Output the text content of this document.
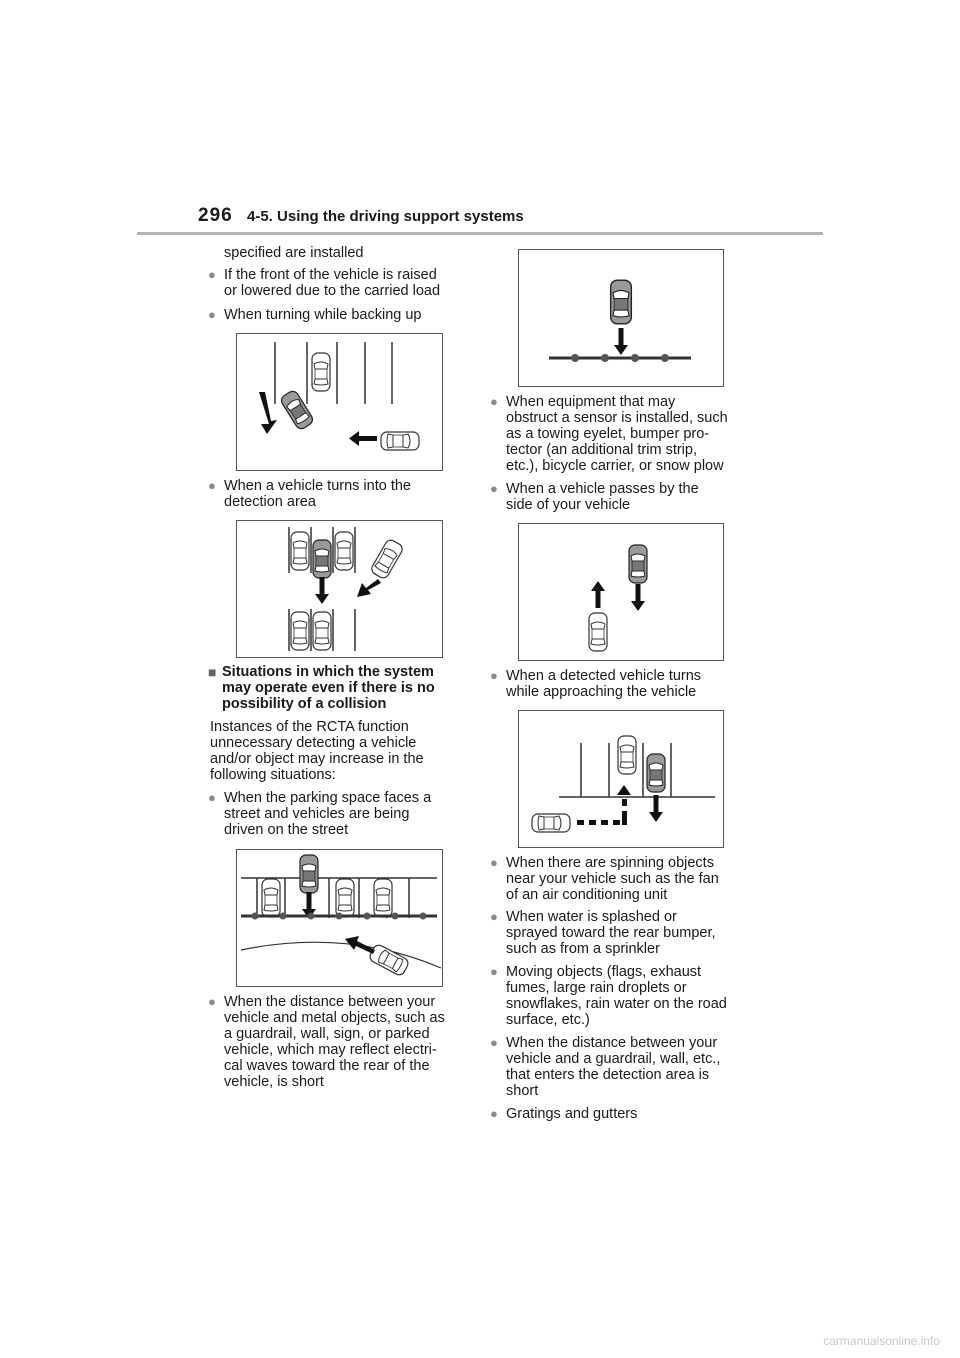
296 4-5. Using the driving support systems
specified are installed
● If the front of the vehicle is raised
or lowered due to the carried load
● When turning while backing up
● When a vehicle turns into the
detection area
■ Situations in which the system
may operate even if there is no
possibility of a collision
Instances of the RCTA function
unnecessary detecting a vehicle
and/or object may increase in the
following situations:
● When the parking space faces a
street and vehicles are being
driven on the street
● When the distance between your
vehicle and metal objects, such as
a guardrail, wall, sign, or parked
vehicle, which may reflect electri-
cal waves toward the rear of the
vehicle, is short
● When equipment that may
obstruct a sensor is installed, such
as a towing eyelet, bumper pro-
tector (an additional trim strip,
etc.), bicycle carrier, or snow plow
● When a vehicle passes by the
side of your vehicle
● When a detected vehicle turns
while approaching the vehicle
● When there are spinning objects
near your vehicle such as the fan
of an air conditioning unit
● When water is splashed or
sprayed toward the rear bumper,
such as from a sprinkler
● Moving objects (flags, exhaust
fumes, large rain droplets or
snowflakes, rain water on the road
surface, etc.)
● When the distance between your
vehicle and a guardrail, wall, etc.,
that enters the detection area is
short
● Gratings and gutters
carmanualsonline.info
